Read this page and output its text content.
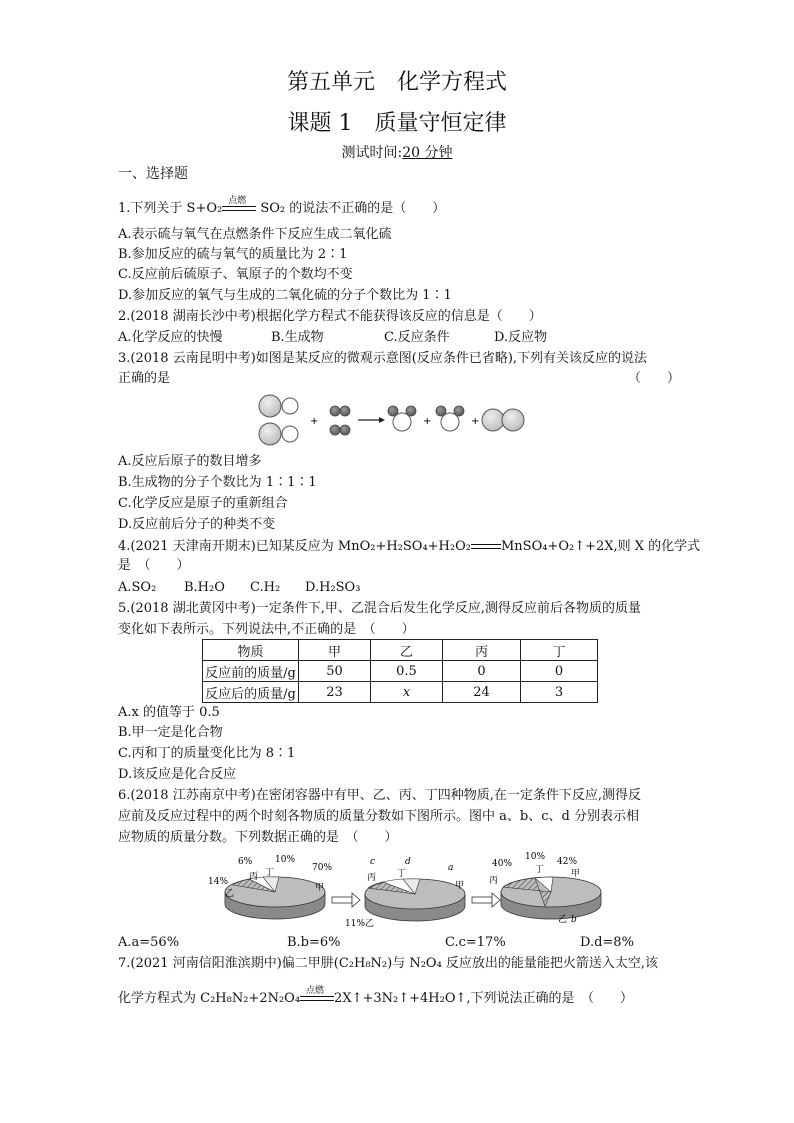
第五单元　化学方程式
课题 1　质量守恒定律
测试时间:20 分钟
一、选择题
1.下列关于 S+O₂
点燃
SO₂ 的说法不正确的是（　　）
A.表示硫与氧气在点燃条件下反应生成二氧化硫
B.参加反应的硫与氧气的质量比为 2∶1
C.反应前后硫原子、氧原子的个数均不变
D.参加反应的氧气与生成的二氧化硫的分子个数比为 1∶1
2.(2018 湖南长沙中考)根据化学方程式不能获得该反应的信息是（　　）
A.化学反应的快慢	B.生成物	C.反应条件	D.反应物
3.(2018 云南昆明中考)如图是某反应的微观示意图(反应条件已省略),下列有关该反应的说法
正确的是	（　　）
+	+	+
A.反应后原子的数目增多
B.生成物的分子个数比为 1∶1∶1
C.化学反应是原子的重新组合
D.反应前后分子的种类不变
4.(2021 天津南开期末)已知某反应为 MnO₂+H₂SO₄+H₂O₂ MnSO₄+O₂↑+2X,则 X 的化学式
是　（　　）
A.SO₂ B.H₂O C.H₂ D.H₂SO₃
5.(2018 湖北黄冈中考)一定条件下,甲、乙混合后发生化学反应,测得反应前后各物质的质量
变化如下表所示。下列说法中,不正确的是　（　　）
物质	甲	乙	丙	丁
反应前的质量/g	50	0.5	0	0
反应后的质量/g	23	x	24	3
A.x 的值等于 0.5
B.甲一定是化合物
C.丙和丁的质量变化比为 8∶1
D.该反应是化合反应
6.(2018 江苏南京中考)在密闭容器中有甲、乙、丙、丁四种物质,在一定条件下反应,测得反
应前及反应过程中的两个时刻各物质的质量分数如下图所示。图中 a、b、c、d 分别表示相
应物质的质量分数。下列数据正确的是　（　　）
6%
丙
10%
丁	70%
甲
14%
乙
c
丙
d
丁
a
甲
11% 乙
40%
丙
10%
丁
42%
甲
乙 b
A.a=56%	B.b=6%	C.c=17%	D.d=8%
7.(2021 河南信阳淮滨期中)偏二甲肼(C₂H₈N₂)与 N₂O₄ 反应放出的能量能把火箭送入太空,该
化学方程式为 C₂H₈N₂+2N₂O₄
点燃
2X↑+3N₂↑+4H₂O↑,下列说法正确的是　（　　）
